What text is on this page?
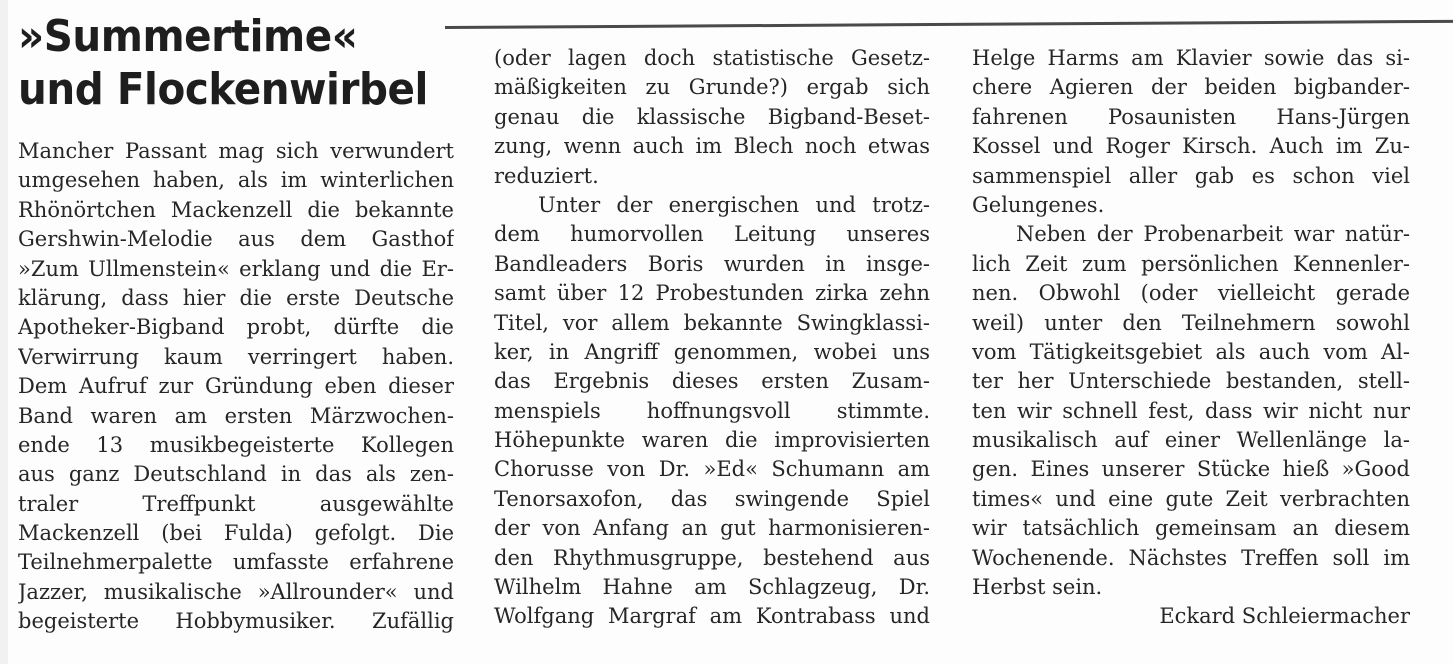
»Summertime«
und Flockenwirbel
Mancher Passant mag sich verwundert
umgesehen haben, als im winterlichen
Rhönörtchen Mackenzell die bekannte
Gershwin-Melodie aus dem Gasthof
»Zum Ullmenstein« erklang und die Er-
klärung, dass hier die erste Deutsche
Apotheker-Bigband probt, dürfte die
Verwirrung kaum verringert haben.
Dem Aufruf zur Gründung eben dieser
Band waren am ersten Märzwochen-
ende 13 musikbegeisterte Kollegen
aus ganz Deutschland in das als zen-
traler Treffpunkt ausgewählte
Mackenzell (bei Fulda) gefolgt. Die
Teilnehmerpalette umfasste erfahrene
Jazzer, musikalische »Allrounder« und
begeisterte Hobbymusiker. Zufällig
(oder lagen doch statistische Gesetz-
mäßigkeiten zu Grunde?) ergab sich
genau die klassische Bigband-Beset-
zung, wenn auch im Blech noch etwas
reduziert.
Unter der energischen und trotz-
dem humorvollen Leitung unseres
Bandleaders Boris wurden in insge-
samt über 12 Probestunden zirka zehn
Titel, vor allem bekannte Swingklassi-
ker, in Angriff genommen, wobei uns
das Ergebnis dieses ersten Zusam-
menspiels hoffnungsvoll stimmte.
Höhepunkte waren die improvisierten
Chorusse von Dr. »Ed« Schumann am
Tenorsaxofon, das swingende Spiel
der von Anfang an gut harmonisieren-
den Rhythmusgruppe, bestehend aus
Wilhelm Hahne am Schlagzeug, Dr.
Wolfgang Margraf am Kontrabass und
Helge Harms am Klavier sowie das si-
chere Agieren der beiden bigbander-
fahrenen Posaunisten Hans-Jürgen
Kossel und Roger Kirsch. Auch im Zu-
sammenspiel aller gab es schon viel
Gelungenes.
Neben der Probenarbeit war natür-
lich Zeit zum persönlichen Kennenler-
nen. Obwohl (oder vielleicht gerade
weil) unter den Teilnehmern sowohl
vom Tätigkeitsgebiet als auch vom Al-
ter her Unterschiede bestanden, stell-
ten wir schnell fest, dass wir nicht nur
musikalisch auf einer Wellenlänge la-
gen. Eines unserer Stücke hieß »Good
times« und eine gute Zeit verbrachten
wir tatsächlich gemeinsam an diesem
Wochenende. Nächstes Treffen soll im
Herbst sein.
Eckard Schleiermacher
